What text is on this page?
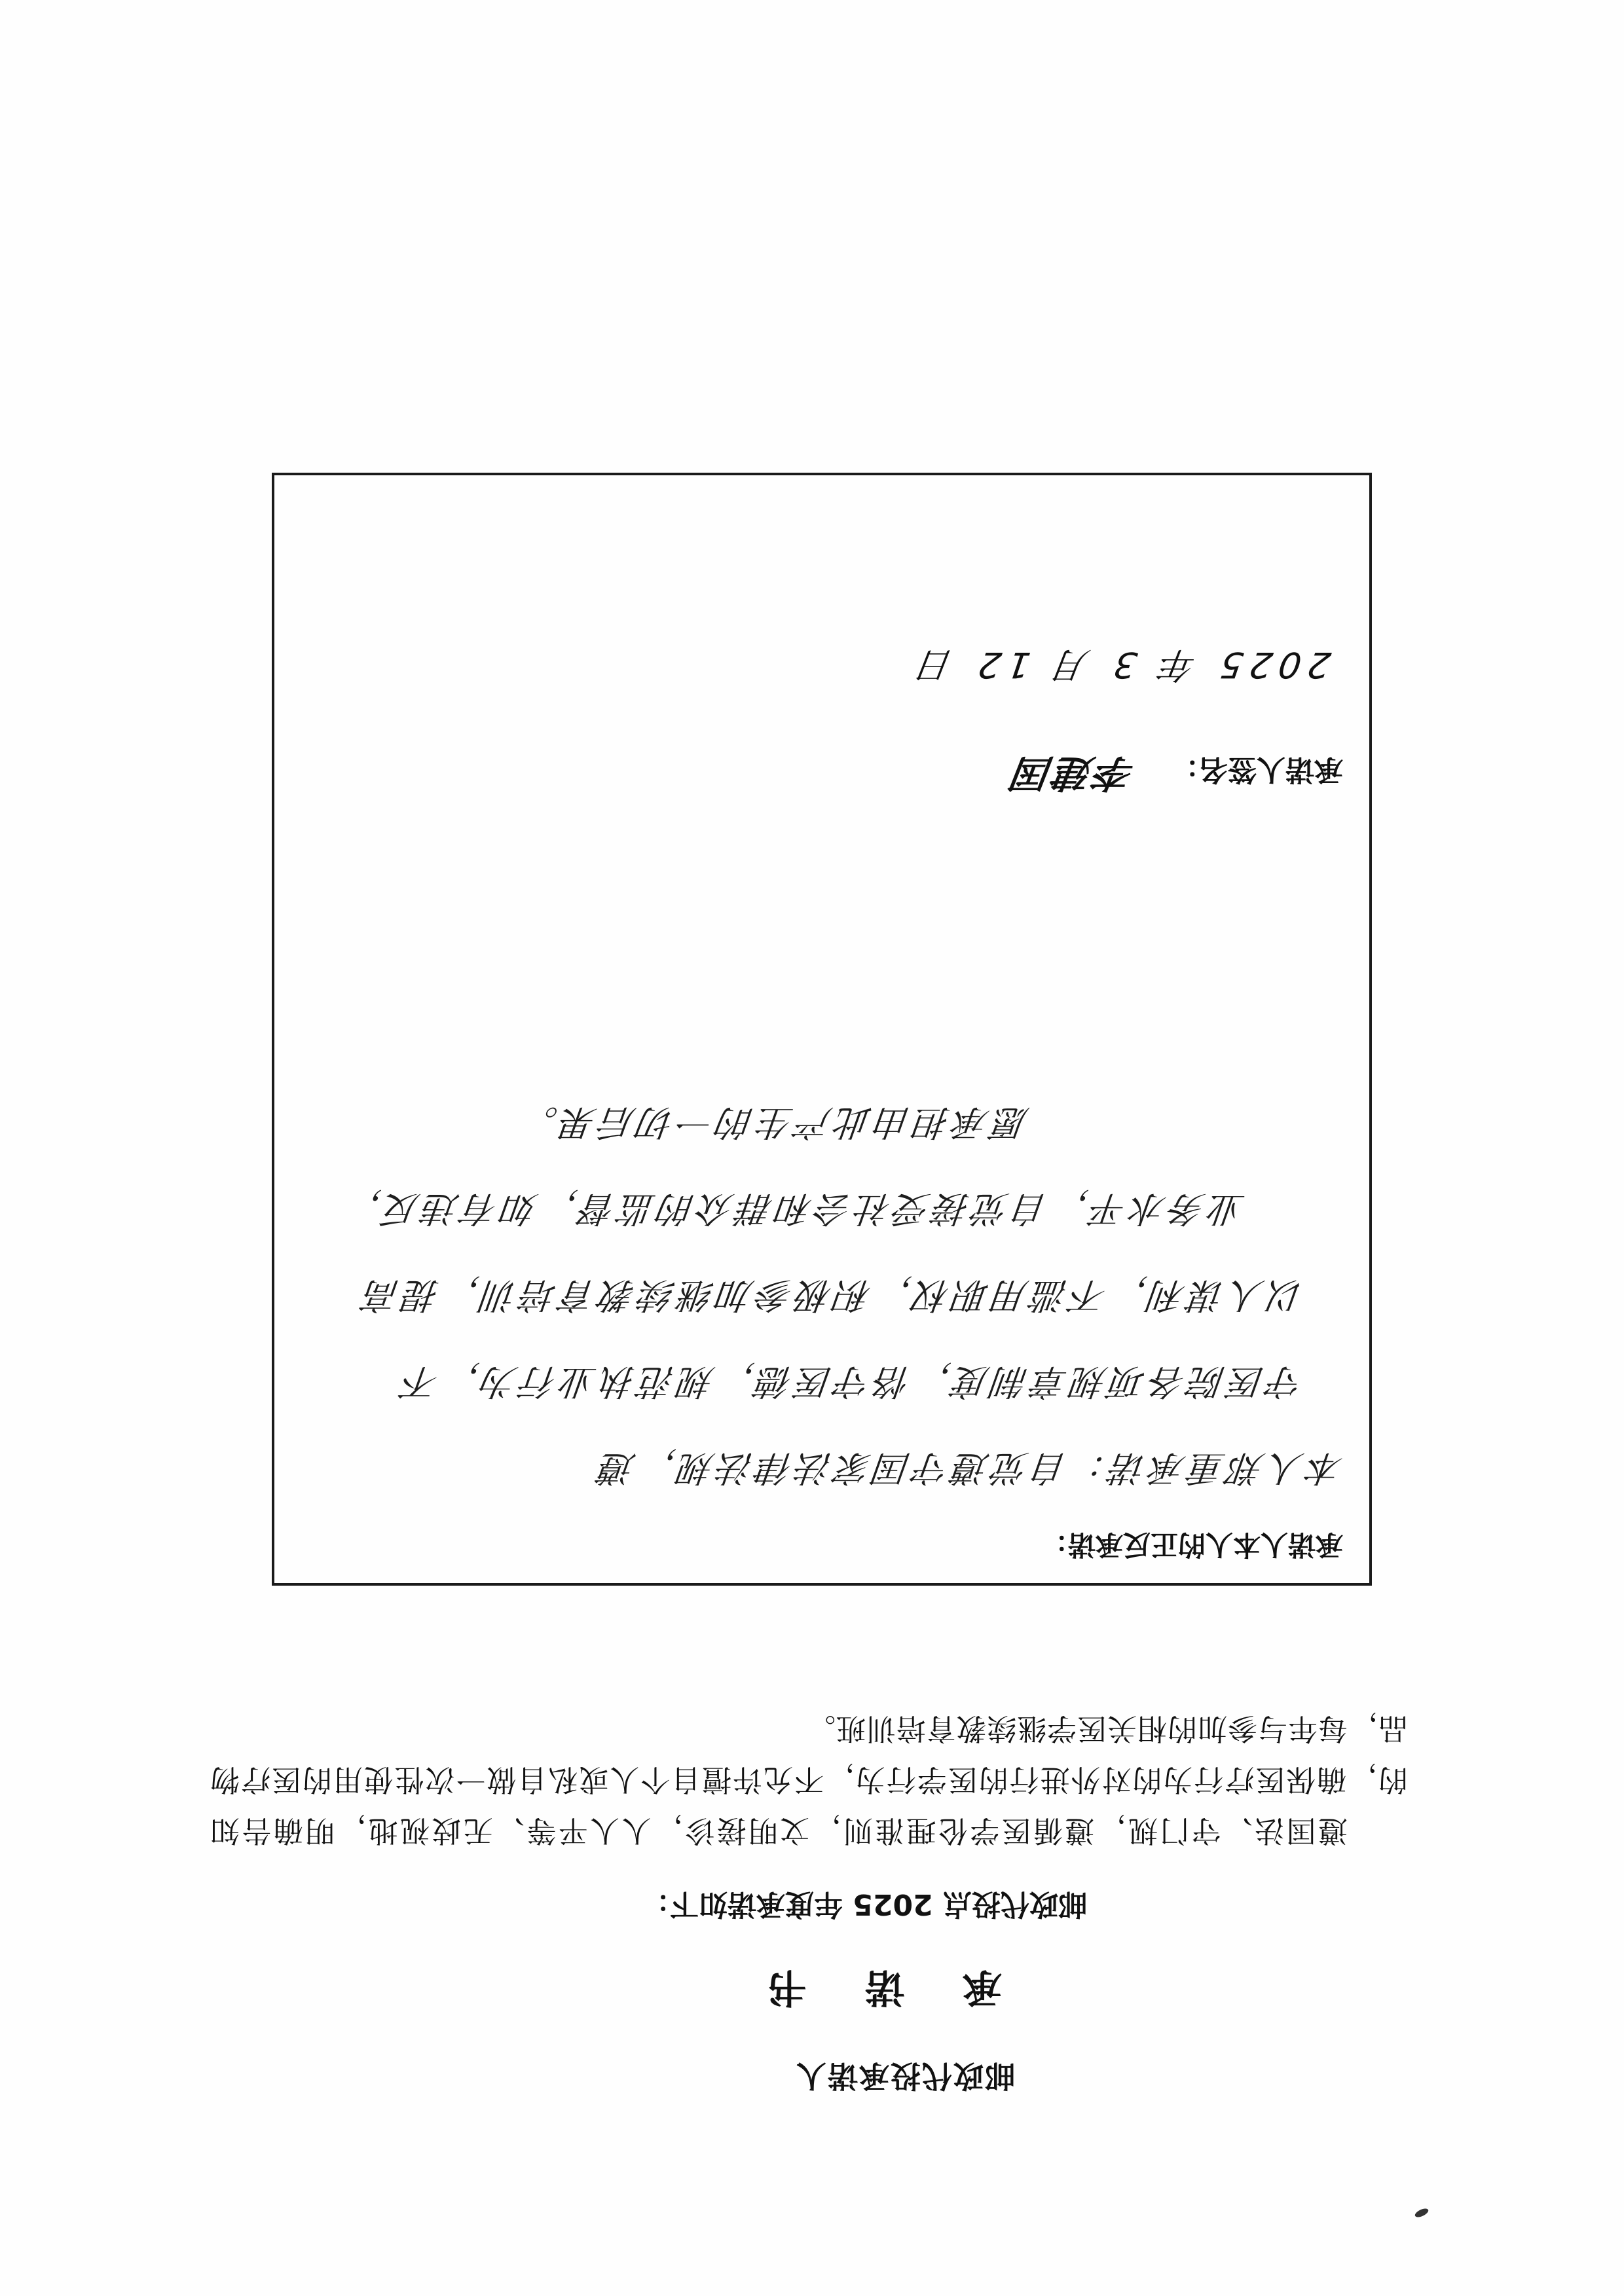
邮政代投承诺人
承 诺 书
邮政代投点 2025 年度承诺如下：
遵国法、守门规，遵循医学伦理准则，文明接诊，人人平等、无歧视地，明确告知的，确保医疗行为的对外进行的医学行为，不允许擅自个人或私自做一次性使用的医疗物品，每年与参加的相关医学继续教育培训班。
承诺人本人的正反承诺：
本人郑重承诺：自觉遵守国家法律法规，遵
守医院各项规章制度，恪守医德，规范执业行为，不
以人谋利，不滥用职权，积极参加继续教育培训，提高
业务水平，自觉接受社会和群众的监督，如有违反，
愿承担由此产生的一切后果。
承诺人签名： 李建国
2025 年 3 月 12 日
